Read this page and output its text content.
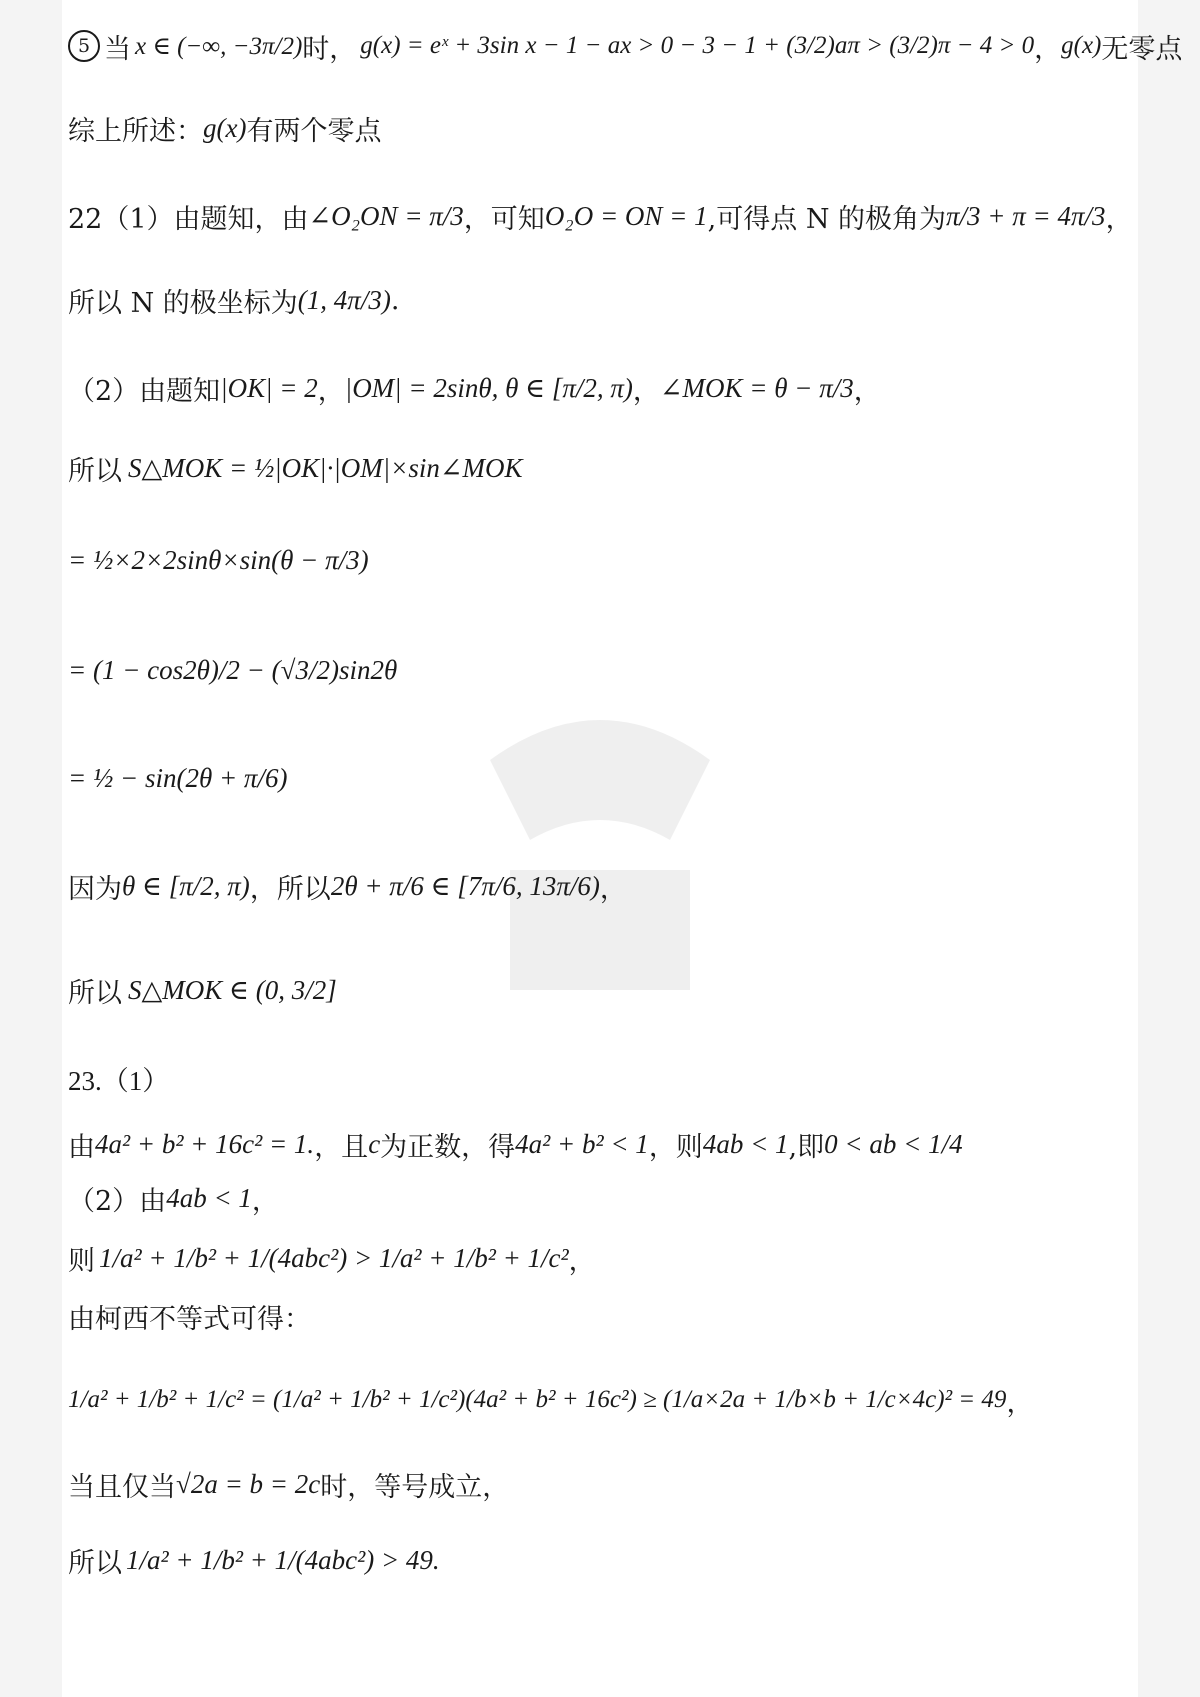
5 当 x ∈ (−∞, −3π/2) 时， g(x) = eˣ + 3sin x − 1 − ax > 0 − 3 − 1 + (3/2)aπ > (3/2)π − 4 > 0 ， g(x) 无零点
综上所述： g(x) 有两个零点
22（1）由题知，由 ∠O₂ON = π/3 ，可知 O₂O = ON = 1 ,可得点 N 的极角为 π/3 + π = 4π/3 ，
所以 N 的极坐标为 (1, 4π/3) .
（2）由题知 |OK| = 2 ， |OM| = 2sinθ, θ ∈ [π/2, π) ， ∠MOK = θ − π/3 ，
所以 S△MOK = ½|OK|·|OM|×sin∠MOK
= ½×2×2sinθ×sin(θ − π/3)
= (1 − cos2θ)/2 − (√3/2)sin2θ
= ½ − sin(2θ + π/6)
因为 θ ∈ [π/2, π) ，所以 2θ + π/6 ∈ [7π/6, 13π/6) ，
所以 S△MOK ∈ (0, 3/2]
23.（1）
由 4a² + b² + 16c² = 1. ，且 c 为正数，得 4a² + b² < 1 ，则 4ab < 1 ,即 0 < ab < 1/4
（2）由 4ab < 1 ，
则 1/a² + 1/b² + 1/(4abc²) > 1/a² + 1/b² + 1/c² ，
由柯西不等式可得：
1/a² + 1/b² + 1/c² = (1/a² + 1/b² + 1/c²)(4a² + b² + 16c²) ≥ (1/a×2a + 1/b×b + 1/c×4c)² = 49 ，
当且仅当 √2a = b = 2c 时，等号成立，
所以 1/a² + 1/b² + 1/(4abc²) > 49.
